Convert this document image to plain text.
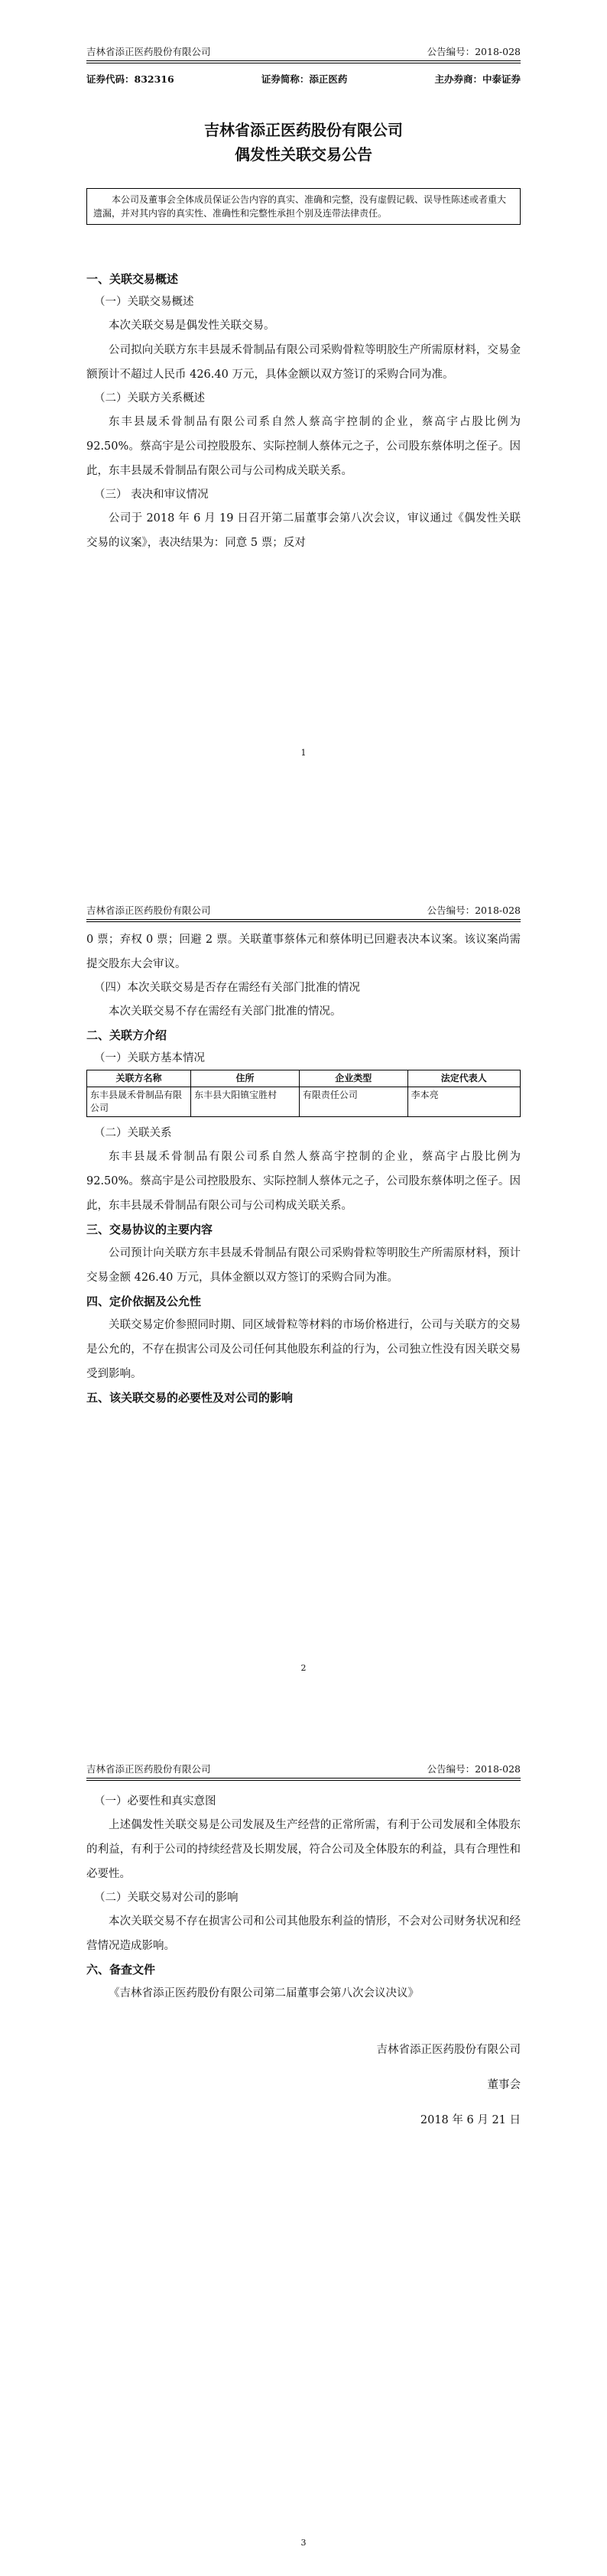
吉林省添正医药股份有限公司	公告编号：2018-028
证券代码：832316	证券简称：添正医药	主办券商：中泰证券
吉林省添正医药股份有限公司
偶发性关联交易公告
本公司及董事会全体成员保证公告内容的真实、准确和完整，没有虚假记载、误导性陈述或者重大遗漏，并对其内容的真实性、准确性和完整性承担个别及连带法律责任。
一、关联交易概述
（一）关联交易概述
本次关联交易是偶发性关联交易。
公司拟向关联方东丰县晟禾骨制品有限公司采购骨粒等明胶生产所需原材料，交易金额预计不超过人民币 426.40 万元，具体金额以双方签订的采购合同为准。
（二）关联方关系概述
东丰县晟禾骨制品有限公司系自然人蔡高宇控制的企业，蔡高宇占股比例为 92.50%。蔡高宇是公司控股股东、实际控制人蔡体元之子，公司股东蔡体明之侄子。因此，东丰县晟禾骨制品有限公司与公司构成关联关系。
（三） 表决和审议情况
公司于 2018 年 6 月 19 日召开第二届董事会第八次会议，审议通过《偶发性关联交易的议案》，表决结果为：同意 5 票；反对
1
吉林省添正医药股份有限公司	公告编号：2018-028
0 票；弃权 0 票；回避 2 票。关联董事蔡体元和蔡体明已回避表决本议案。该议案尚需提交股东大会审议。
（四）本次关联交易是否存在需经有关部门批准的情况
本次关联交易不存在需经有关部门批准的情况。
二、关联方介绍
（一）关联方基本情况
关联方名称	住所	企业类型	法定代表人
东丰县晟禾骨制品有限公司	东丰县大阳镇宝胜村	有限责任公司	李本亮
（二）关联关系
东丰县晟禾骨制品有限公司系自然人蔡高宇控制的企业，蔡高宇占股比例为 92.50%。蔡高宇是公司控股股东、实际控制人蔡体元之子，公司股东蔡体明之侄子。因此，东丰县晟禾骨制品有限公司与公司构成关联关系。
三、交易协议的主要内容
公司预计向关联方东丰县晟禾骨制品有限公司采购骨粒等明胶生产所需原材料，预计交易金额 426.40 万元，具体金额以双方签订的采购合同为准。
四、定价依据及公允性
关联交易定价参照同时期、同区域骨粒等材料的市场价格进行，公司与关联方的交易是公允的，不存在损害公司及公司任何其他股东利益的行为，公司独立性没有因关联交易受到影响。
五、该关联交易的必要性及对公司的影响
2
吉林省添正医药股份有限公司	公告编号：2018-028
（一）必要性和真实意图
上述偶发性关联交易是公司发展及生产经营的正常所需，有利于公司发展和全体股东的利益，有利于公司的持续经营及长期发展，符合公司及全体股东的利益，具有合理性和必要性。
（二）关联交易对公司的影响
本次关联交易不存在损害公司和公司其他股东利益的情形，不会对公司财务状况和经营情况造成影响。
六、备查文件
《吉林省添正医药股份有限公司第二届董事会第八次会议决议》
吉林省添正医药股份有限公司
董事会
2018 年 6 月 21 日
3
